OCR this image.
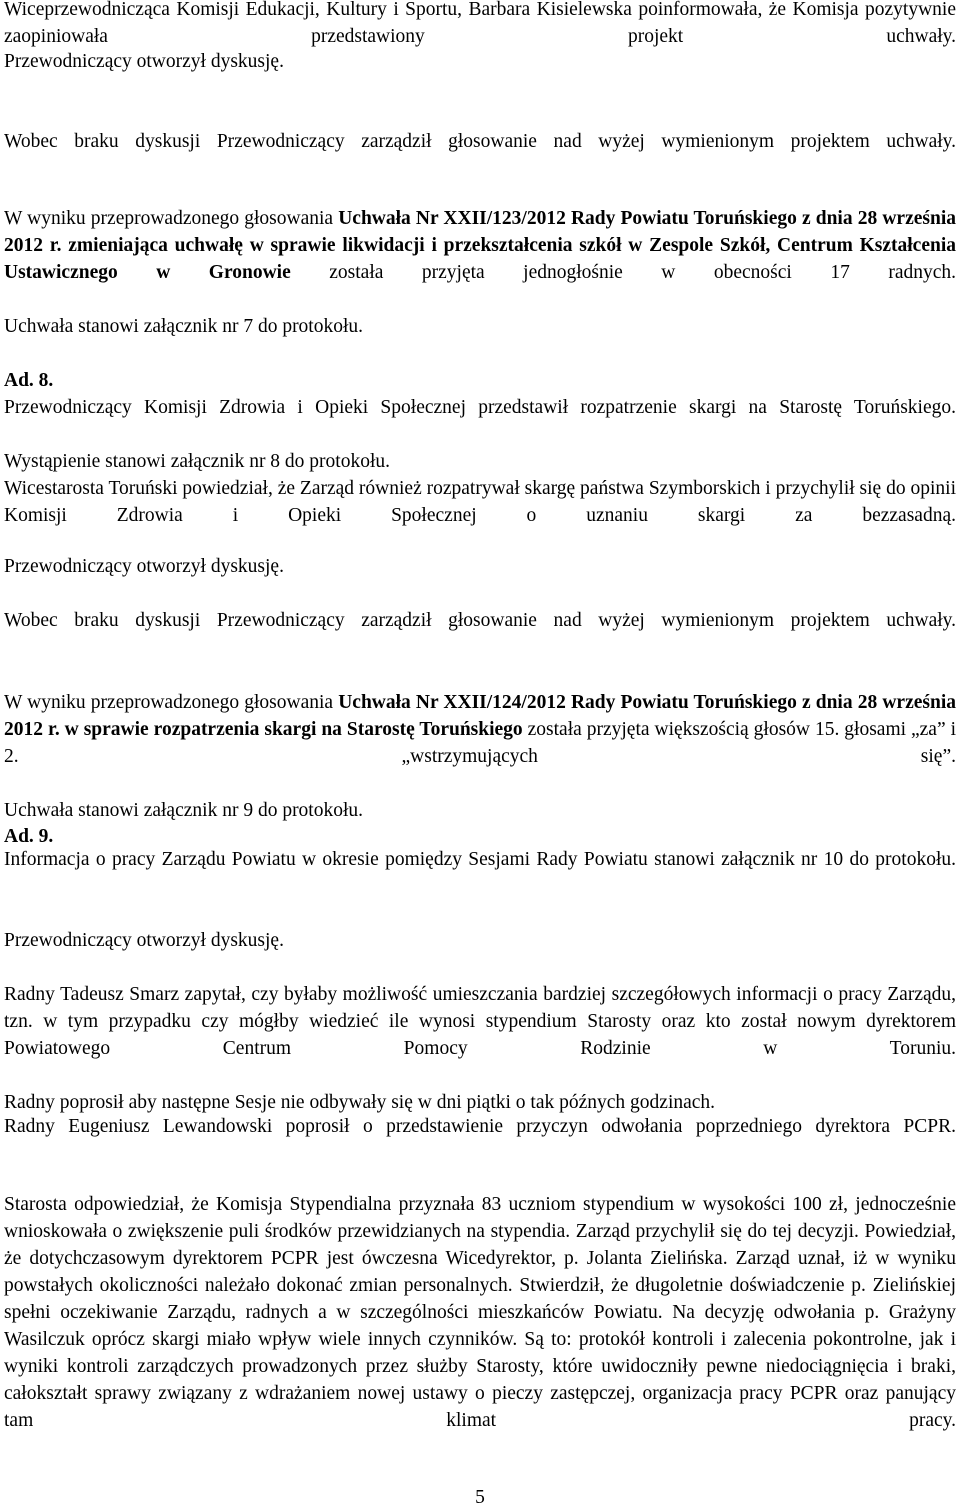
Wiceprzewodnicząca Komisji Edukacji, Kultury i Sportu, Barbara Kisielewska poinformowała, że Komisja pozytywnie zaopiniowała przedstawiony projekt uchwały.

Przewodniczący otworzył dyskusję.

Wobec braku dyskusji Przewodniczący zarządził głosowanie nad wyżej wymienionym projektem uchwały.

W wyniku przeprowadzonego głosowania Uchwała Nr XXII/123/2012 Rady Powiatu Toruńskiego z dnia 28 września 2012 r. zmieniająca uchwałę w sprawie likwidacji i przekształcenia szkół w Zespole Szkół, Centrum Kształcenia Ustawicznego w Gronowie została przyjęta jednogłośnie w obecności 17 radnych.

Uchwała stanowi załącznik nr 7 do protokołu.

Ad. 8.

Przewodniczący Komisji Zdrowia i Opieki Społecznej przedstawił rozpatrzenie skargi na Starostę Toruńskiego.

Wystąpienie stanowi załącznik nr 8 do protokołu.

Wicestarosta Toruński powiedział, że Zarząd również rozpatrywał skargę państwa Szymborskich i przychylił się do opinii Komisji Zdrowia i Opieki Społecznej o uznaniu skargi za bezzasadną.

Przewodniczący otworzył dyskusję.

Wobec braku dyskusji Przewodniczący zarządził głosowanie nad wyżej wymienionym projektem uchwały.

W wyniku przeprowadzonego głosowania Uchwała Nr XXII/124/2012 Rady Powiatu Toruńskiego z dnia 28 września 2012 r. w sprawie rozpatrzenia skargi na Starostę Toruńskiego została przyjęta większością głosów 15. głosami „za” i 2. „wstrzymujących się”.

Uchwała stanowi załącznik nr 9 do protokołu.

Ad. 9.

Informacja o pracy Zarządu Powiatu w okresie pomiędzy Sesjami Rady Powiatu stanowi załącznik nr 10 do protokołu.

Przewodniczący otworzył dyskusję.

Radny Tadeusz Smarz zapytał, czy byłaby możliwość umieszczania bardziej szczegółowych informacji o pracy Zarządu, tzn. w tym przypadku czy mógłby wiedzieć ile wynosi stypendium Starosty oraz kto został nowym dyrektorem Powiatowego Centrum Pomocy Rodzinie w Toruniu.

Radny poprosił aby następne Sesje nie odbywały się w dni piątki o tak późnych godzinach.

Radny Eugeniusz Lewandowski poprosił o przedstawienie przyczyn odwołania poprzedniego dyrektora PCPR.

Starosta odpowiedział, że Komisja Stypendialna przyznała 83 uczniom stypendium w wysokości 100 zł, jednocześnie wnioskowała o zwiększenie puli środków przewidzianych na stypendia. Zarząd przychylił się do tej decyzji. Powiedział, że dotychczasowym dyrektorem PCPR jest ówczesna Wicedyrektor, p. Jolanta Zielińska. Zarząd uznał, iż w wyniku powstałych okoliczności należało dokonać zmian personalnych. Stwierdził, że długoletnie doświadczenie p. Zielińskiej spełni oczekiwanie Zarządu, radnych a w szczególności mieszkańców Powiatu. Na decyzję odwołania p. Grażyny Wasilczuk oprócz skargi miało wpływ wiele innych czynników. Są to: protokół kontroli i zalecenia pokontrolne, jak i wyniki kontroli zarządczych prowadzonych przez służby Starosty, które uwidoczniły pewne niedociągnięcia i braki, całokształt sprawy związany z wdrażaniem nowej ustawy o pieczy zastępczej, organizacja pracy PCPR oraz panujący tam klimat pracy.

5
